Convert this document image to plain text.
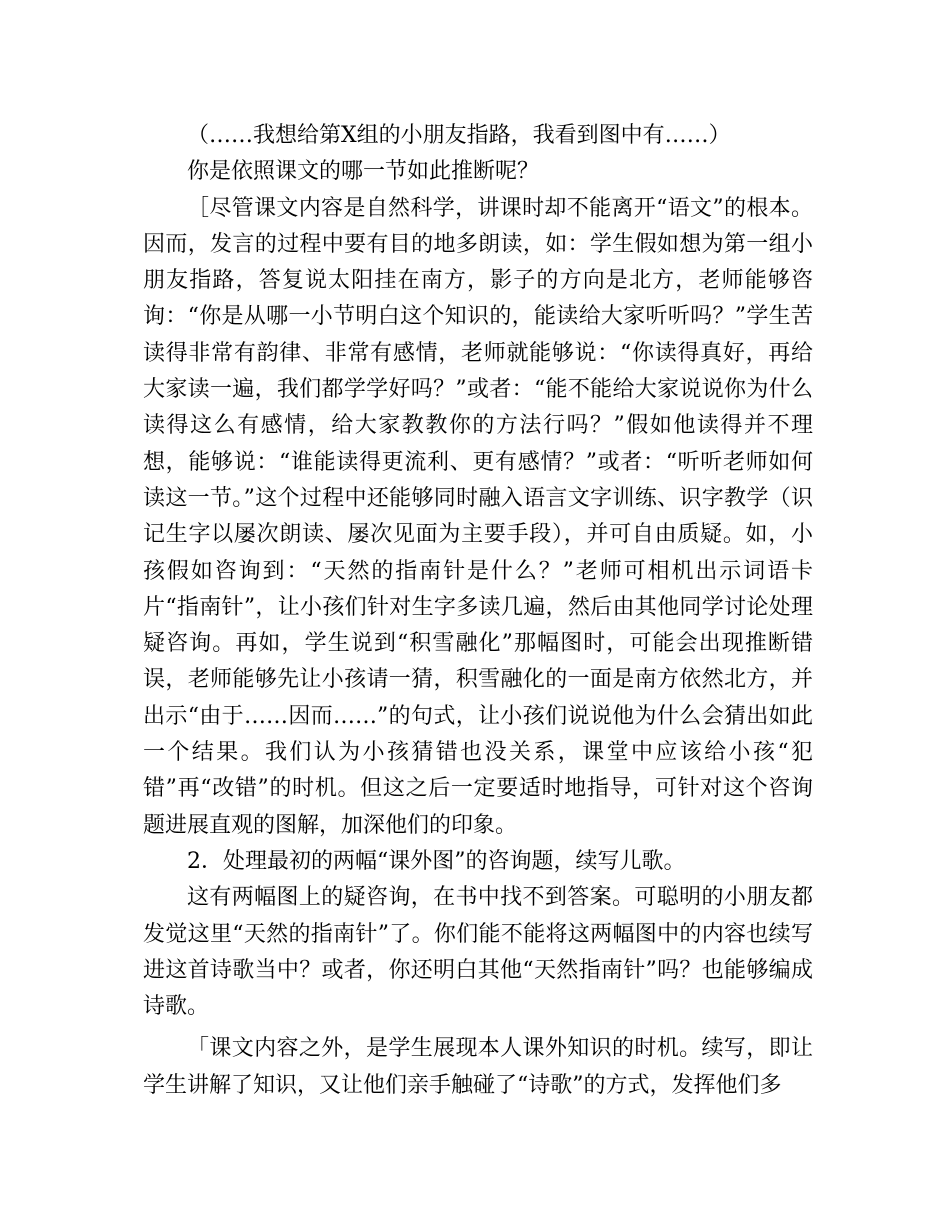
（……我想给第X组的小朋友指路，我看到图中有……）

你是依照课文的哪一节如此推断呢？

［尽管课文内容是自然科学，讲课时却不能离开“语文”的根本。因而，发言的过程中要有目的地多朗读，如：学生假如想为第一组小朋友指路，答复说太阳挂在南方，影子的方向是北方，老师能够咨询：“你是从哪一小节明白这个知识的，能读给大家听听吗？”学生苦读得非常有韵律、非常有感情，老师就能够说：“你读得真好，再给大家读一遍，我们都学学好吗？”或者：“能不能给大家说说你为什么读得这么有感情，给大家教教你的方法行吗？”假如他读得并不理想，能够说：“谁能读得更流利、更有感情？”或者：“听听老师如何读这一节。”这个过程中还能够同时融入语言文字训练、识字教学（识记生字以屡次朗读、屡次见面为主要手段），并可自由质疑。如，小孩假如咨询到：“天然的指南针是什么？”老师可相机出示词语卡片“指南针”，让小孩们针对生字多读几遍，然后由其他同学讨论处理疑咨询。再如，学生说到“积雪融化”那幅图时，可能会出现推断错误，老师能够先让小孩请一猜，积雪融化的一面是南方依然北方，并出示“由于……因而……”的句式，让小孩们说说他为什么会猜出如此一个结果。我们认为小孩猜错也没关系，课堂中应该给小孩“犯错”再“改错”的时机。但这之后一定要适时地指导，可针对这个咨询题进展直观的图解，加深他们的印象。

2．处理最初的两幅“课外图”的咨询题，续写儿歌。

这有两幅图上的疑咨询，在书中找不到答案。可聪明的小朋友都发觉这里“天然的指南针”了。你们能不能将这两幅图中的内容也续写进这首诗歌当中？或者，你还明白其他“天然指南针”吗？也能够编成诗歌。

「课文内容之外，是学生展现本人课外知识的时机。续写，即让学生讲解了知识，又让他们亲手触碰了“诗歌”的方式，发挥他们多
